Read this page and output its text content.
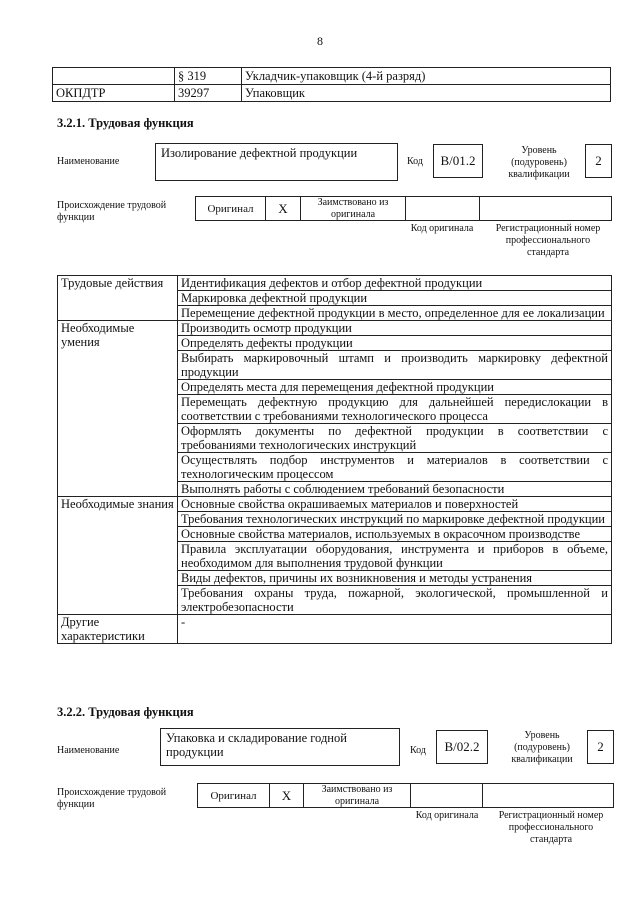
8
	§ 319	Укладчик-упаковщик (4-й разряд)
ОКПДТР	39297	Упаковщик
3.2.1. Трудовая функция
Наименование
Изолирование дефектной продукции
Код	В/01.2
Уровень (подуровень) квалификации
2
Происхождение трудовой функции
Оригинал	X	Заимствовано из оригинала
Код оригинала	Регистрационный номер профессионального стандарта
Трудовые действия	Идентификация дефектов и отбор дефектной продукции
	Маркировка дефектной продукции
	Перемещение дефектной продукции в место, определенное для ее локализации
Необходимые умения	Производить осмотр продукции
	Определять дефекты продукции
	Выбирать маркировочный штамп и производить маркировку дефектной продукции
	Определять места для перемещения дефектной продукции
	Перемещать дефектную продукцию для дальнейшей передислокации в соответствии с требованиями технологического процесса
	Оформлять документы по дефектной продукции в соответствии с требованиями технологических инструкций
	Осуществлять подбор инструментов и материалов в соответствии с технологическим процессом
	Выполнять работы с соблюдением требований безопасности
Необходимые знания	Основные свойства окрашиваемых материалов и поверхностей
	Требования технологических инструкций по маркировке дефектной продукции
	Основные свойства материалов, используемых в окрасочном производстве
	Правила эксплуатации оборудования, инструмента и приборов в объеме, необходимом для выполнения трудовой функции
	Виды дефектов, причины их возникновения и методы устранения
	Требования охраны труда, пожарной, экологической, промышленной и электробезопасности
Другие характеристики	-
3.2.2. Трудовая функция
Наименование
Упаковка и складирование годной продукции	Код	В/02.2
Уровень (подуровень) квалификации
2
Происхождение трудовой функции
Оригинал	X	Заимствовано из оригинала
Код оригинала	Регистрационный номер профессионального стандарта
